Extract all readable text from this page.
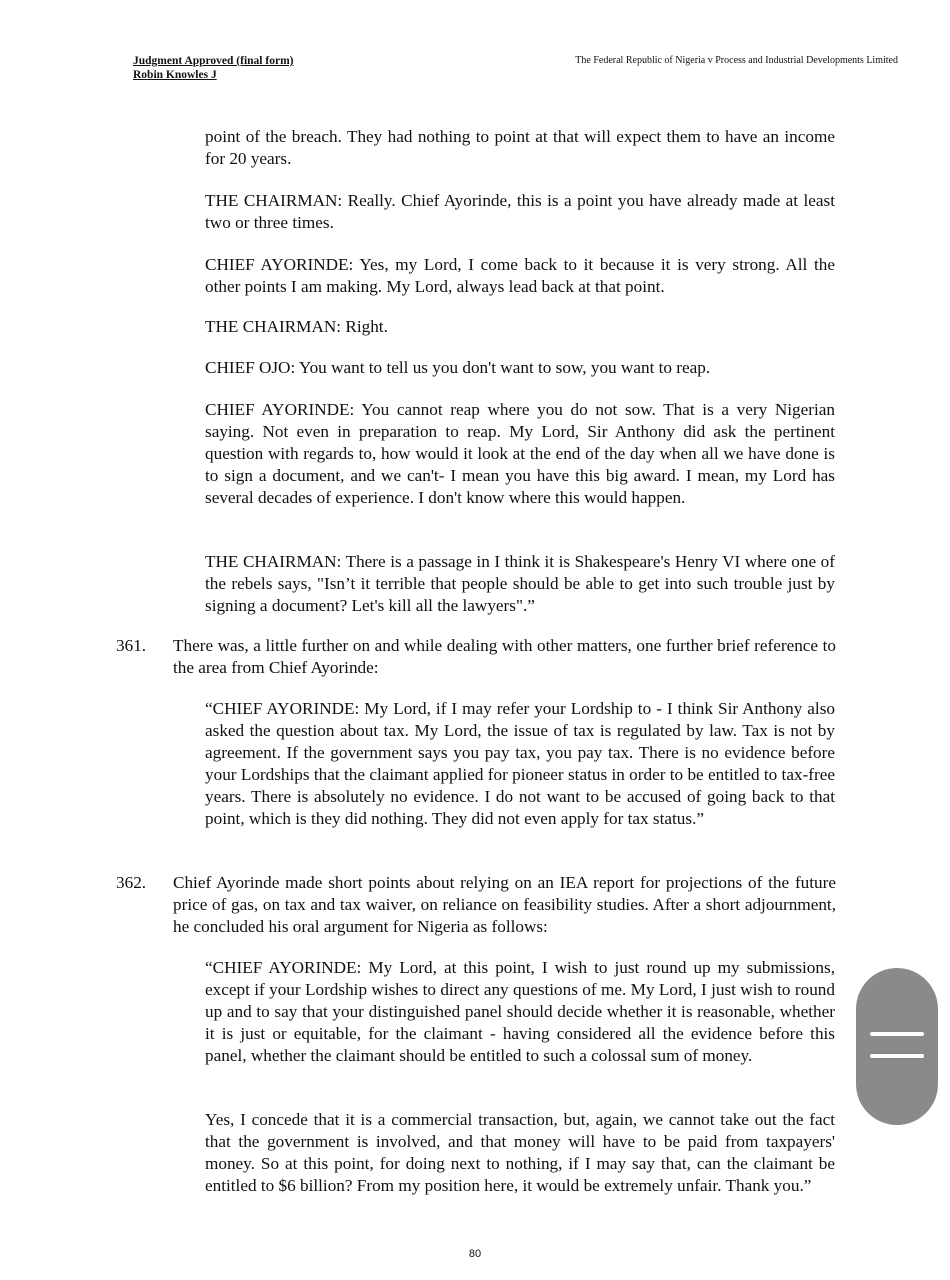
Judgment Approved (final form)
Robin Knowles J
The Federal Republic of Nigeria v Process and Industrial Developments Limited

point of the breach. They had nothing to point at that will expect them to have an income for 20 years.

THE CHAIRMAN: Really. Chief Ayorinde, this is a point you have already made at least two or three times.

CHIEF AYORINDE: Yes, my Lord, I come back to it because it is very strong. All the other points I am making. My Lord, always lead back at that point.

THE CHAIRMAN: Right.

CHIEF OJO: You want to tell us you don't want to sow, you want to reap.

CHIEF AYORINDE: You cannot reap where you do not sow. That is a very Nigerian saying. Not even in preparation to reap. My Lord, Sir Anthony did ask the pertinent question with regards to, how would it look at the end of the day when all we have done is to sign a document, and we can't- I mean you have this big award. I mean, my Lord has several decades of experience. I don't know where this would happen.

THE CHAIRMAN: There is a passage in I think it is Shakespeare's Henry VI where one of the rebels says, "Isn’t it terrible that people should be able to get into such trouble just by signing a document? Let's kill all the lawyers".”

361. There was, a little further on and while dealing with other matters, one further brief reference to the area from Chief Ayorinde:

“CHIEF AYORINDE: My Lord, if I may refer your Lordship to - I think Sir Anthony also asked the question about tax. My Lord, the issue of tax is regulated by law. Tax is not by agreement. If the government says you pay tax, you pay tax. There is no evidence before your Lordships that the claimant applied for pioneer status in order to be entitled to tax-free years. There is absolutely no evidence. I do not want to be accused of going back to that point, which is they did nothing. They did not even apply for tax status.”

362. Chief Ayorinde made short points about relying on an IEA report for projections of the future price of gas, on tax and tax waiver, on reliance on feasibility studies. After a short adjournment, he concluded his oral argument for Nigeria as follows:

“CHIEF AYORINDE: My Lord, at this point, I wish to just round up my submissions, except if your Lordship wishes to direct any questions of me. My Lord, I just wish to round up and to say that your distinguished panel should decide whether it is reasonable, whether it is just or equitable, for the claimant - having considered all the evidence before this panel, whether the claimant should be entitled to such a colossal sum of money.

Yes, I concede that it is a commercial transaction, but, again, we cannot take out the fact that the government is involved, and that money will have to be paid from taxpayers' money. So at this point, for doing next to nothing, if I may say that, can the claimant be entitled to $6 billion? From my position here, it would be extremely unfair. Thank you.”

80
